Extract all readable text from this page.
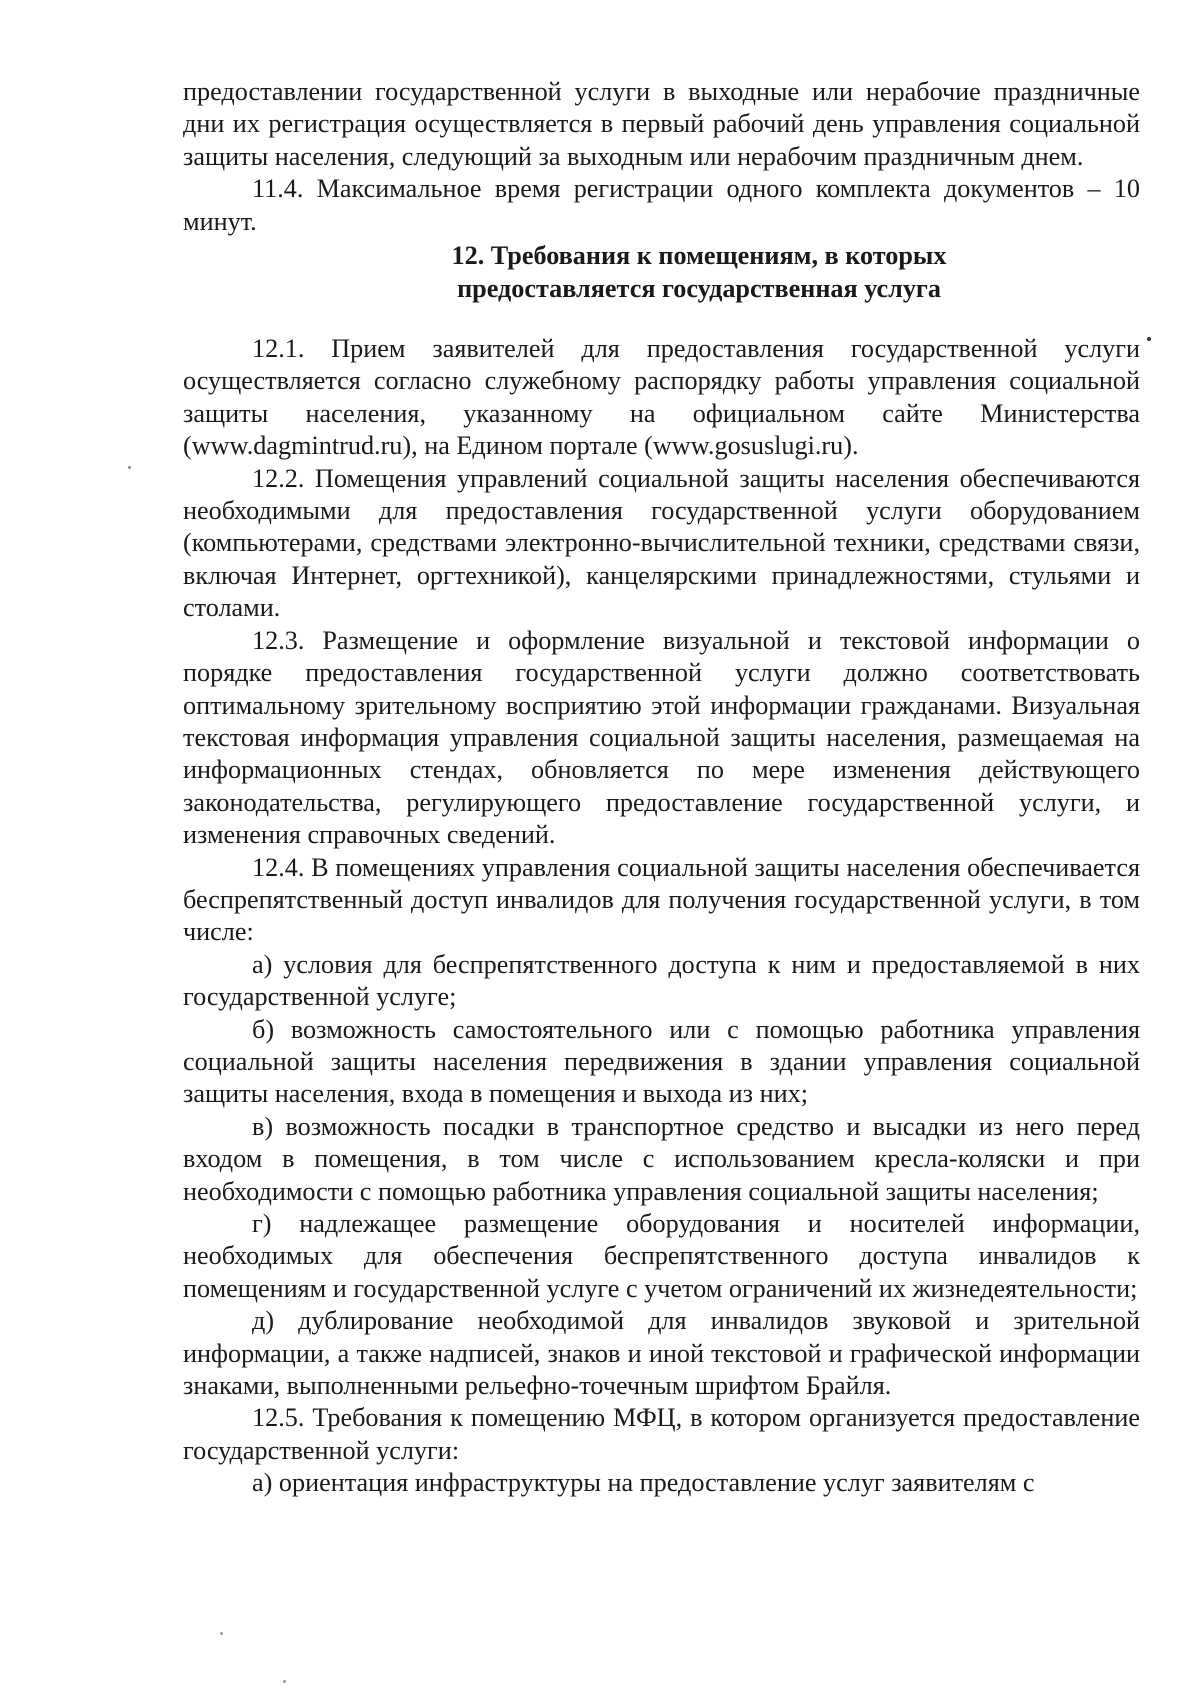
предоставлении государственной услуги в выходные или нерабочие праздничные дни их регистрация осуществляется в первый рабочий день управления социальной защиты населения, следующий за выходным или нерабочим праздничным днем.

11.4. Максимальное время регистрации одного комплекта документов – 10 минут.

12. Требования к помещениям, в которых
предоставляется государственная услуга

12.1. Прием заявителей для предоставления государственной услуги осуществляется согласно служебному распорядку работы управления социальной защиты населения, указанному на официальном сайте Министерства (www.dagmintrud.ru), на Едином портале (www.gosuslugi.ru).

12.2. Помещения управлений социальной защиты населения обеспечиваются необходимыми для предоставления государственной услуги оборудованием (компьютерами, средствами электронно-вычислительной техники, средствами связи, включая Интернет, оргтехникой), канцелярскими принадлежностями, стульями и столами.

12.3. Размещение и оформление визуальной и текстовой информации о порядке предоставления государственной услуги должно соответствовать оптимальному зрительному восприятию этой информации гражданами. Визуальная текстовая информация управления социальной защиты населения, размещаемая на информационных стендах, обновляется по мере изменения действующего законодательства, регулирующего предоставление государственной услуги, и изменения справочных сведений.

12.4. В помещениях управления социальной защиты населения обеспечивается беспрепятственный доступ инвалидов для получения государственной услуги, в том числе:

а) условия для беспрепятственного доступа к ним и предоставляемой в них государственной услуге;

б) возможность самостоятельного или с помощью работника управления социальной защиты населения передвижения в здании управления социальной защиты населения, входа в помещения и выхода из них;

в) возможность посадки в транспортное средство и высадки из него перед входом в помещения, в том числе с использованием кресла-коляски и при необходимости с помощью работника управления социальной защиты населения;

г) надлежащее размещение оборудования и носителей информации, необходимых для обеспечения беспрепятственного доступа инвалидов к помещениям и государственной услуге с учетом ограничений их жизнедеятельности;

д) дублирование необходимой для инвалидов звуковой и зрительной информации, а также надписей, знаков и иной текстовой и графической информации знаками, выполненными рельефно-точечным шрифтом Брайля.

12.5. Требования к помещению МФЦ, в котором организуется предоставление государственной услуги:

а) ориентация инфраструктуры на предоставление услуг заявителям с
